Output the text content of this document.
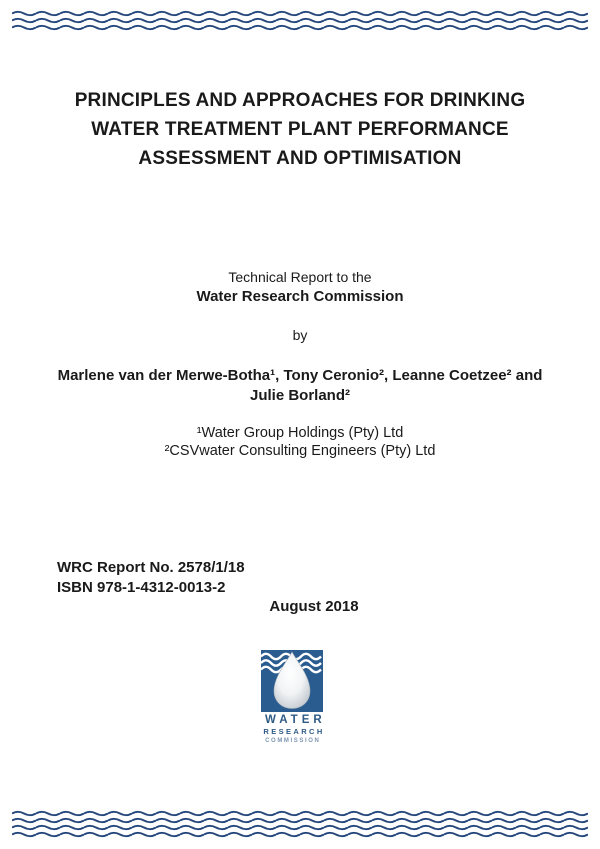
PRINCIPLES AND APPROACHES FOR DRINKING
WATER TREATMENT PLANT PERFORMANCE
ASSESSMENT AND OPTIMISATION

Technical Report to the

Water Research Commission

by

Marlene van der Merwe-Botha¹, Tony Ceronio², Leanne Coetzee² and
Julie Borland²
¹Water Group Holdings (Pty) Ltd
²CSVwater Consulting Engineers (Pty) Ltd
WRC Report No. 2578/1/18
ISBN 978-1-4312-0013-2

August 2018

WATER
RESEARCH
COMMISSION
